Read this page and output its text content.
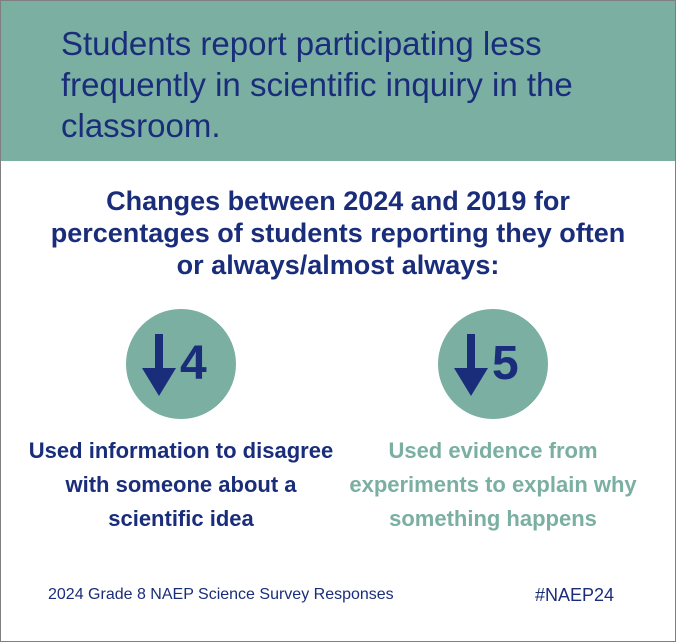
Students report participating less frequently in scientific inquiry in the classroom.

Changes between 2024 and 2019 for percentages of students reporting they often or always/almost always:

4	5

Used information to disagree with someone about a scientific idea

Used evidence from experiments to explain why something happens

2024 Grade 8 NAEP Science Survey Responses	#NAEP24
